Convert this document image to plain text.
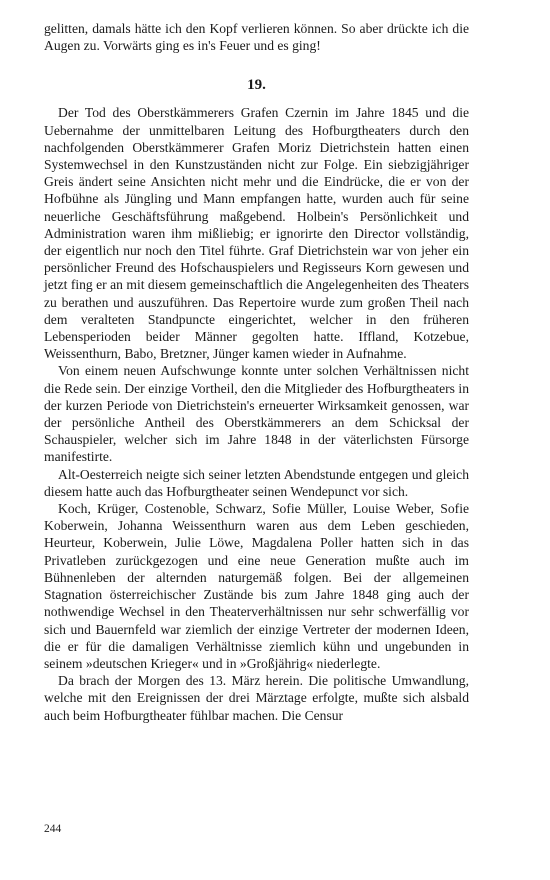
gelitten, damals hätte ich den Kopf verlieren können. So aber drückte ich die Augen zu. Vorwärts ging es in's Feuer und es ging!

19.

Der Tod des Oberstkämmerers Grafen Czernin im Jahre 1845 und die Uebernahme der unmittelbaren Leitung des Hofburgtheaters durch den nachfolgenden Oberstkämmerer Grafen Moriz Dietrichstein hatten einen Systemwechsel in den Kunstzuständen nicht zur Folge. Ein siebzigjähriger Greis ändert seine Ansichten nicht mehr und die Eindrücke, die er von der Hofbühne als Jüngling und Mann empfangen hatte, wurden auch für seine neuerliche Geschäftsführung maßgebend. Holbein's Persönlichkeit und Administration waren ihm mißliebig; er ignorirte den Director vollständig, der eigentlich nur noch den Titel führte. Graf Dietrichstein war von jeher ein persönlicher Freund des Hofschauspielers und Regisseurs Korn gewesen und jetzt fing er an mit diesem gemeinschaftlich die Angelegenheiten des Theaters zu berathen und auszuführen. Das Repertoire wurde zum großen Theil nach dem veralteten Standpuncte eingerichtet, welcher in den früheren Lebensperioden beider Männer gegolten hatte. Iffland, Kotzebue, Weissenthurn, Babo, Bretzner, Jünger kamen wieder in Aufnahme.

Von einem neuen Aufschwunge konnte unter solchen Verhältnissen nicht die Rede sein. Der einzige Vortheil, den die Mitglieder des Hofburgtheaters in der kurzen Periode von Dietrichstein's erneuerter Wirksamkeit genossen, war der persönliche Antheil des Oberstkämmerers an dem Schicksal der Schauspieler, welcher sich im Jahre 1848 in der väterlichsten Fürsorge manifestirte.

Alt-Oesterreich neigte sich seiner letzten Abendstunde entgegen und gleich diesem hatte auch das Hofburgtheater seinen Wendepunct vor sich.

Koch, Krüger, Costenoble, Schwarz, Sofie Müller, Louise Weber, Sofie Koberwein, Johanna Weissenthurn waren aus dem Leben geschieden, Heurteur, Koberwein, Julie Löwe, Magdalena Poller hatten sich in das Privatleben zurückgezogen und eine neue Generation mußte auch im Bühnenleben der alternden naturgemäß folgen. Bei der allgemeinen Stagnation österreichischer Zustände bis zum Jahre 1848 ging auch der nothwendige Wechsel in den Theaterverhältnissen nur sehr schwerfällig vor sich und Bauernfeld war ziemlich der einzige Vertreter der modernen Ideen, die er für die damaligen Verhältnisse ziemlich kühn und ungebunden in seinem »deutschen Krieger« und in »Großjährig« niederlegte.

Da brach der Morgen des 13. März herein. Die politische Umwandlung, welche mit den Ereignissen der drei Märztage erfolgte, mußte sich alsbald auch beim Hofburgtheater fühlbar machen. Die Censur

244
